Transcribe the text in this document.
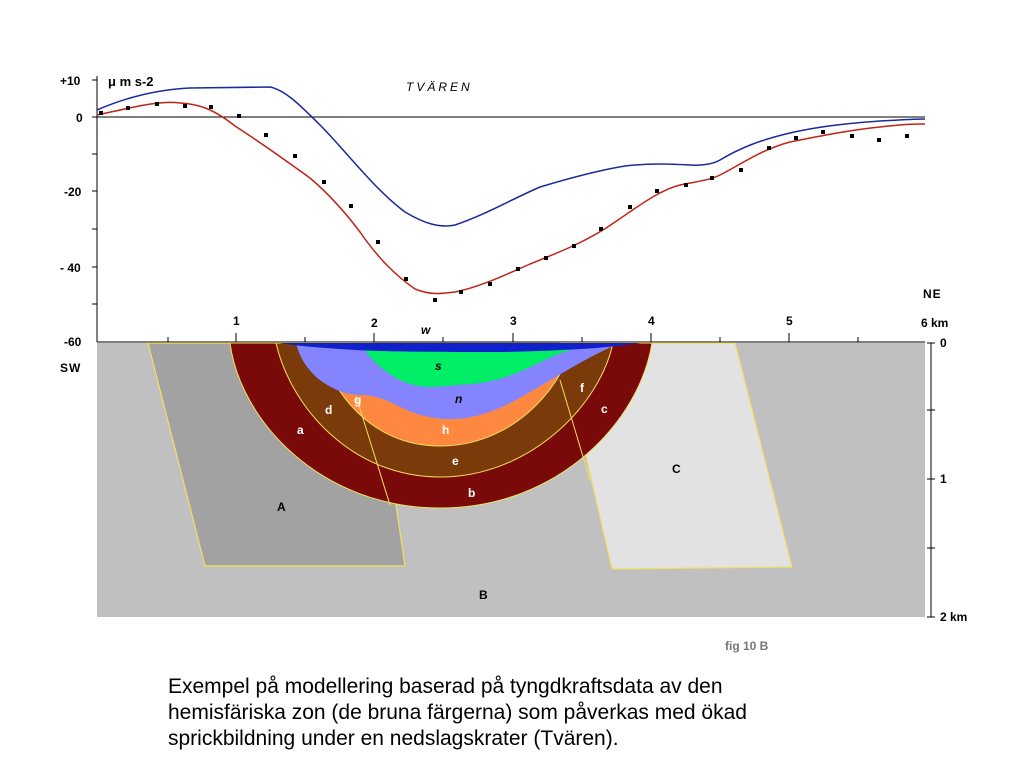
+10
0
-20
- 40
-60
μ m s-2	TVÄREN
1	2	3	4	5	6 km
NE
SW
w
s
n
h
e
b
a
d
g
f
c
A
B
C
0
1
2 km
fig 10 B
Exempel på modellering baserad på tyngdkraftsdata av den
hemisfäriska zon (de bruna färgerna) som påverkas med ökad
sprickbildning under en nedslagskrater (Tvären).
